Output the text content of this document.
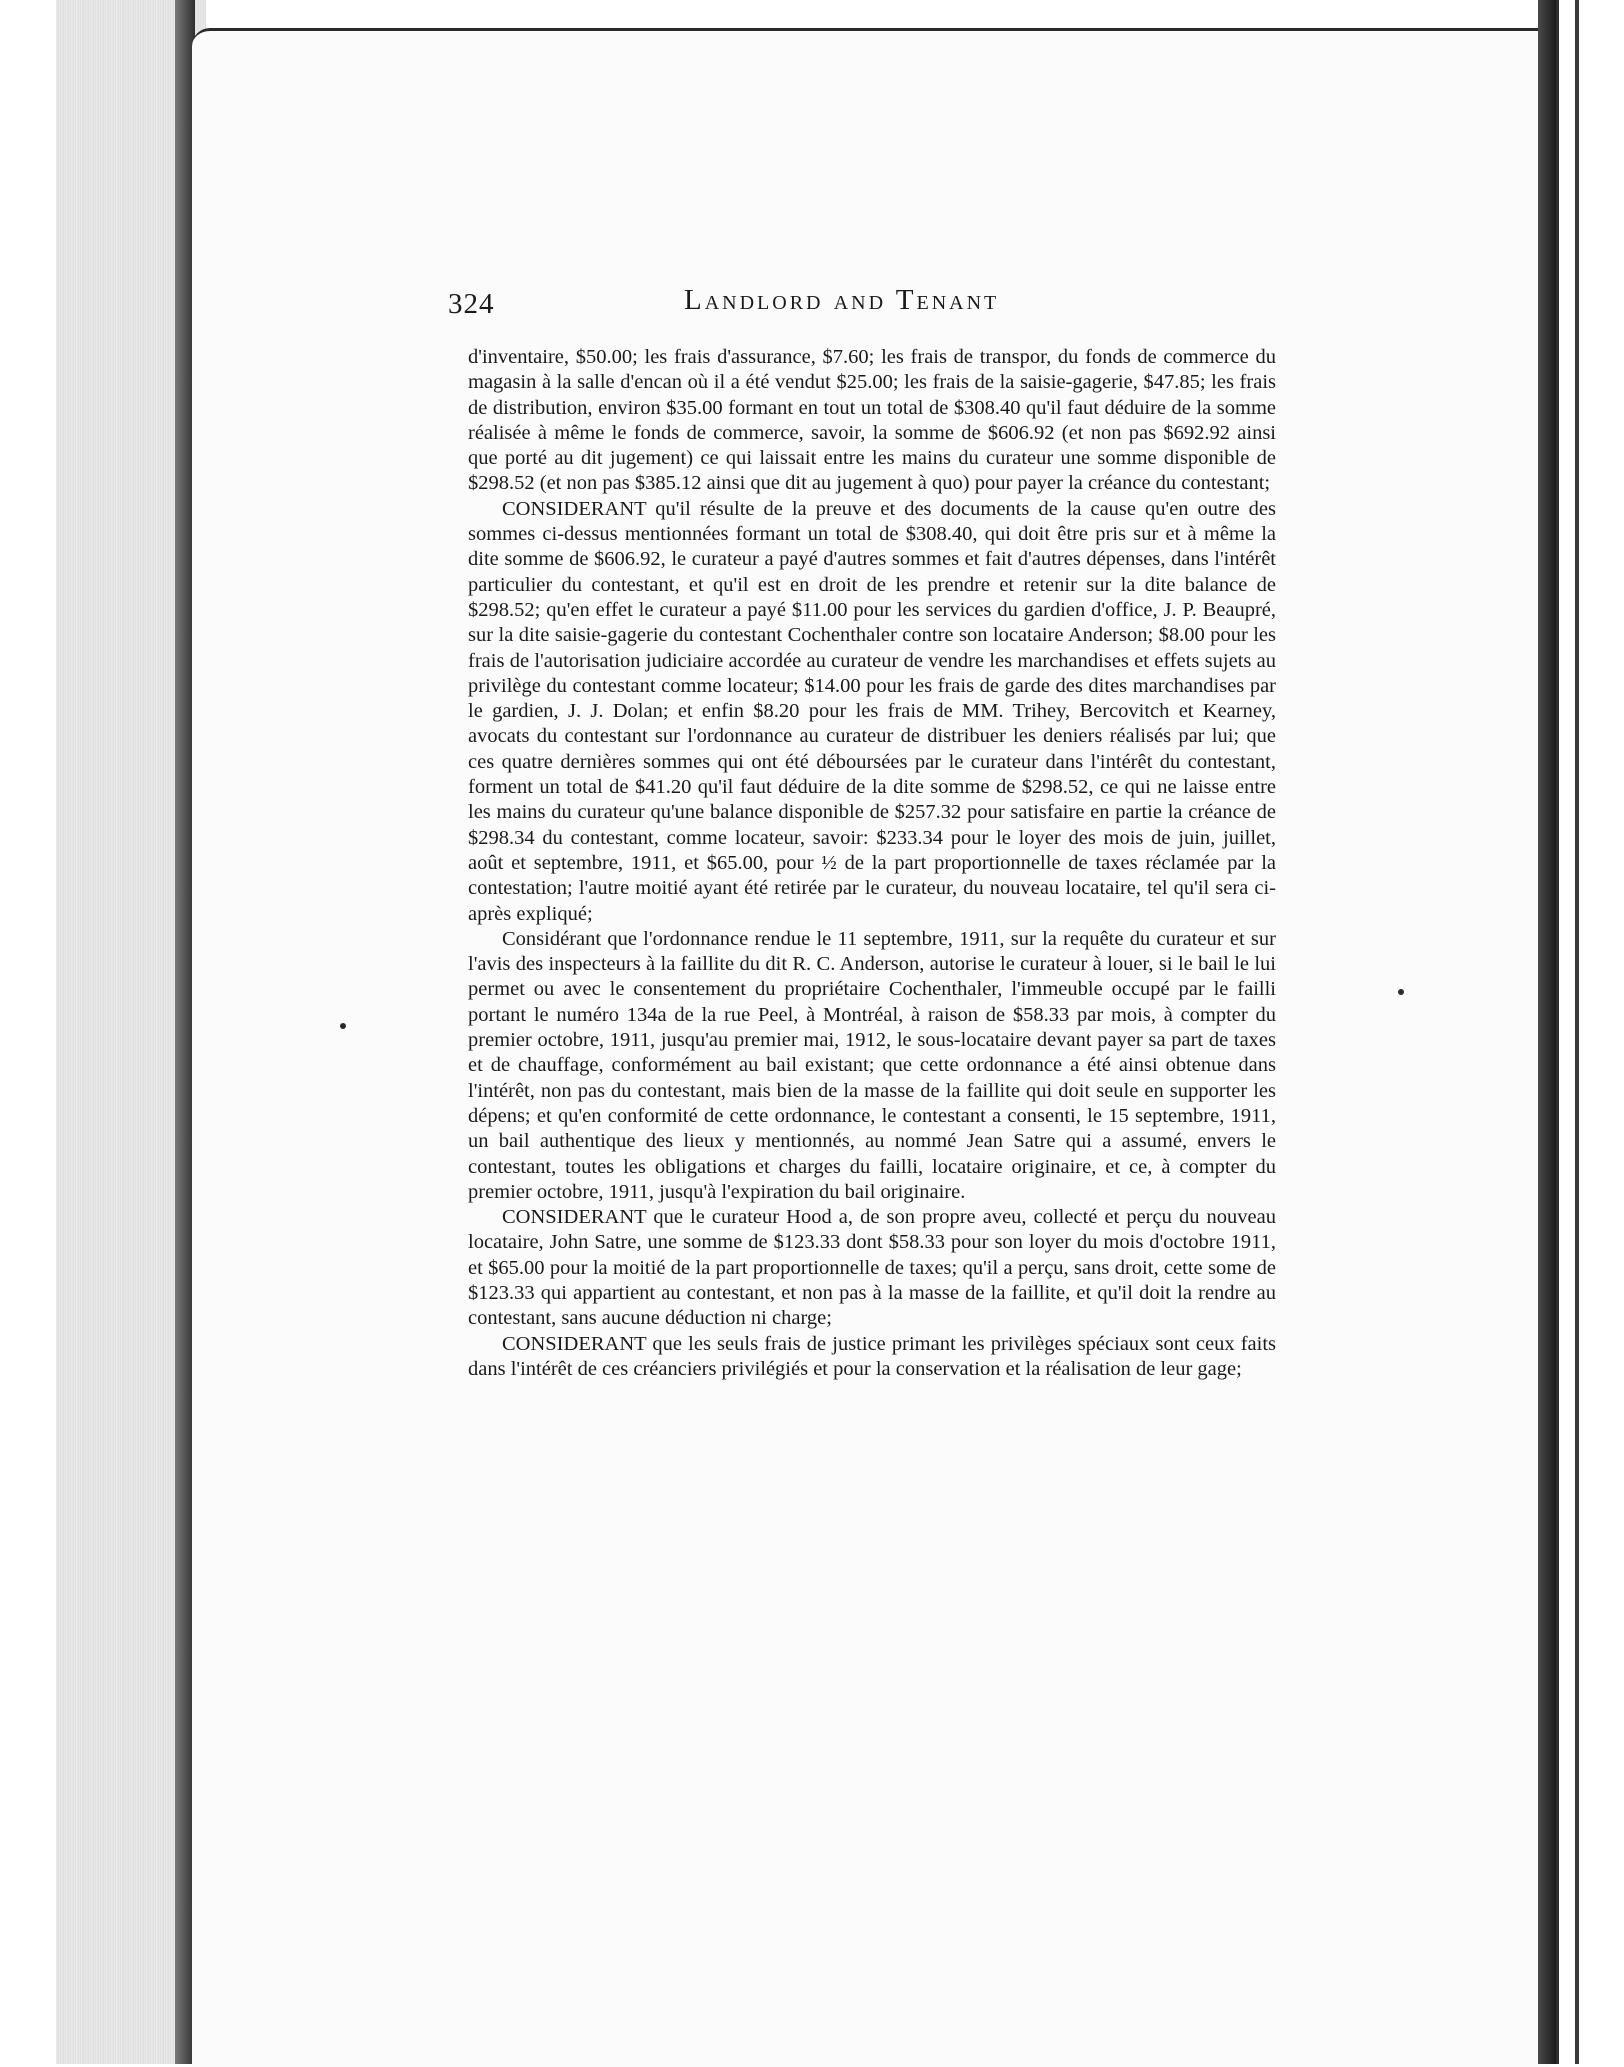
324	Landlord and Tenant

d'inventaire, $50.00; les frais d'assurance, $7.60; les frais de transpor, du fonds de commerce du magasin à la salle d'encan où il a été vendut $25.00; les frais de la saisie-gagerie, $47.85; les frais de distribution, environ $35.00 formant en tout un total de $308.40 qu'il faut déduire de la somme réalisée à même le fonds de commerce, savoir, la somme de $606.92 (et non pas $692.92 ainsi que porté au dit jugement) ce qui laissait entre les mains du curateur une somme disponible de $298.52 (et non pas $385.12 ainsi que dit au jugement à quo) pour payer la créance du contestant;

CONSIDERANT qu'il résulte de la preuve et des documents de la cause qu'en outre des sommes ci-dessus mentionnées formant un total de $308.40, qui doit être pris sur et à même la dite somme de $606.92, le curateur a payé d'autres sommes et fait d'autres dépenses, dans l'intérêt particulier du contestant, et qu'il est en droit de les prendre et retenir sur la dite balance de $298.52; qu'en effet le curateur a payé $11.00 pour les services du gardien d'office, J. P. Beaupré, sur la dite saisie-gagerie du contestant Cochenthaler contre son locataire Anderson; $8.00 pour les frais de l'autorisation judiciaire accordée au curateur de vendre les marchandises et effets sujets au privilège du contestant comme locateur; $14.00 pour les frais de garde des dites marchandises par le gardien, J. J. Dolan; et enfin $8.20 pour les frais de MM. Trihey, Bercovitch et Kearney, avocats du contestant sur l'ordonnance au curateur de distribuer les deniers réalisés par lui; que ces quatre dernières sommes qui ont été déboursées par le curateur dans l'intérêt du contestant, forment un total de $41.20 qu'il faut déduire de la dite somme de $298.52, ce qui ne laisse entre les mains du curateur qu'une balance disponible de $257.32 pour satisfaire en partie la créance de $298.34 du contestant, comme locateur, savoir: $233.34 pour le loyer des mois de juin, juillet, août et septembre, 1911, et $65.00, pour ½ de la part proportionnelle de taxes réclamée par la contestation; l'autre moitié ayant été retirée par le curateur, du nouveau locataire, tel qu'il sera ci-après expliqué;

Considérant que l'ordonnance rendue le 11 septembre, 1911, sur la requête du curateur et sur l'avis des inspecteurs à la faillite du dit R. C. Anderson, autorise le curateur à louer, si le bail le lui permet ou avec le consentement du propriétaire Cochenthaler, l'immeuble occupé par le failli portant le numéro 134a de la rue Peel, à Montréal, à raison de $58.33 par mois, à compter du premier octobre, 1911, jusqu'au premier mai, 1912, le sous-locataire devant payer sa part de taxes et de chauffage, conformément au bail existant; que cette ordonnance a été ainsi obtenue dans l'intérêt, non pas du contestant, mais bien de la masse de la faillite qui doit seule en supporter les dépens; et qu'en conformité de cette ordonnance, le contestant a consenti, le 15 septembre, 1911, un bail authentique des lieux y mentionnés, au nommé Jean Satre qui a assumé, envers le contestant, toutes les obligations et charges du failli, locataire originaire, et ce, à compter du premier octobre, 1911, jusqu'à l'expiration du bail originaire.

CONSIDERANT que le curateur Hood a, de son propre aveu, collecté et perçu du nouveau locataire, John Satre, une somme de $123.33 dont $58.33 pour son loyer du mois d'octobre 1911, et $65.00 pour la moitié de la part proportionnelle de taxes; qu'il a perçu, sans droit, cette some de $123.33 qui appartient au contestant, et non pas à la masse de la faillite, et qu'il doit la rendre au contestant, sans aucune déduction ni charge;

CONSIDERANT que les seuls frais de justice primant les privilèges spéciaux sont ceux faits dans l'intérêt de ces créanciers privilégiés et pour la conservation et la réalisation de leur gage;
